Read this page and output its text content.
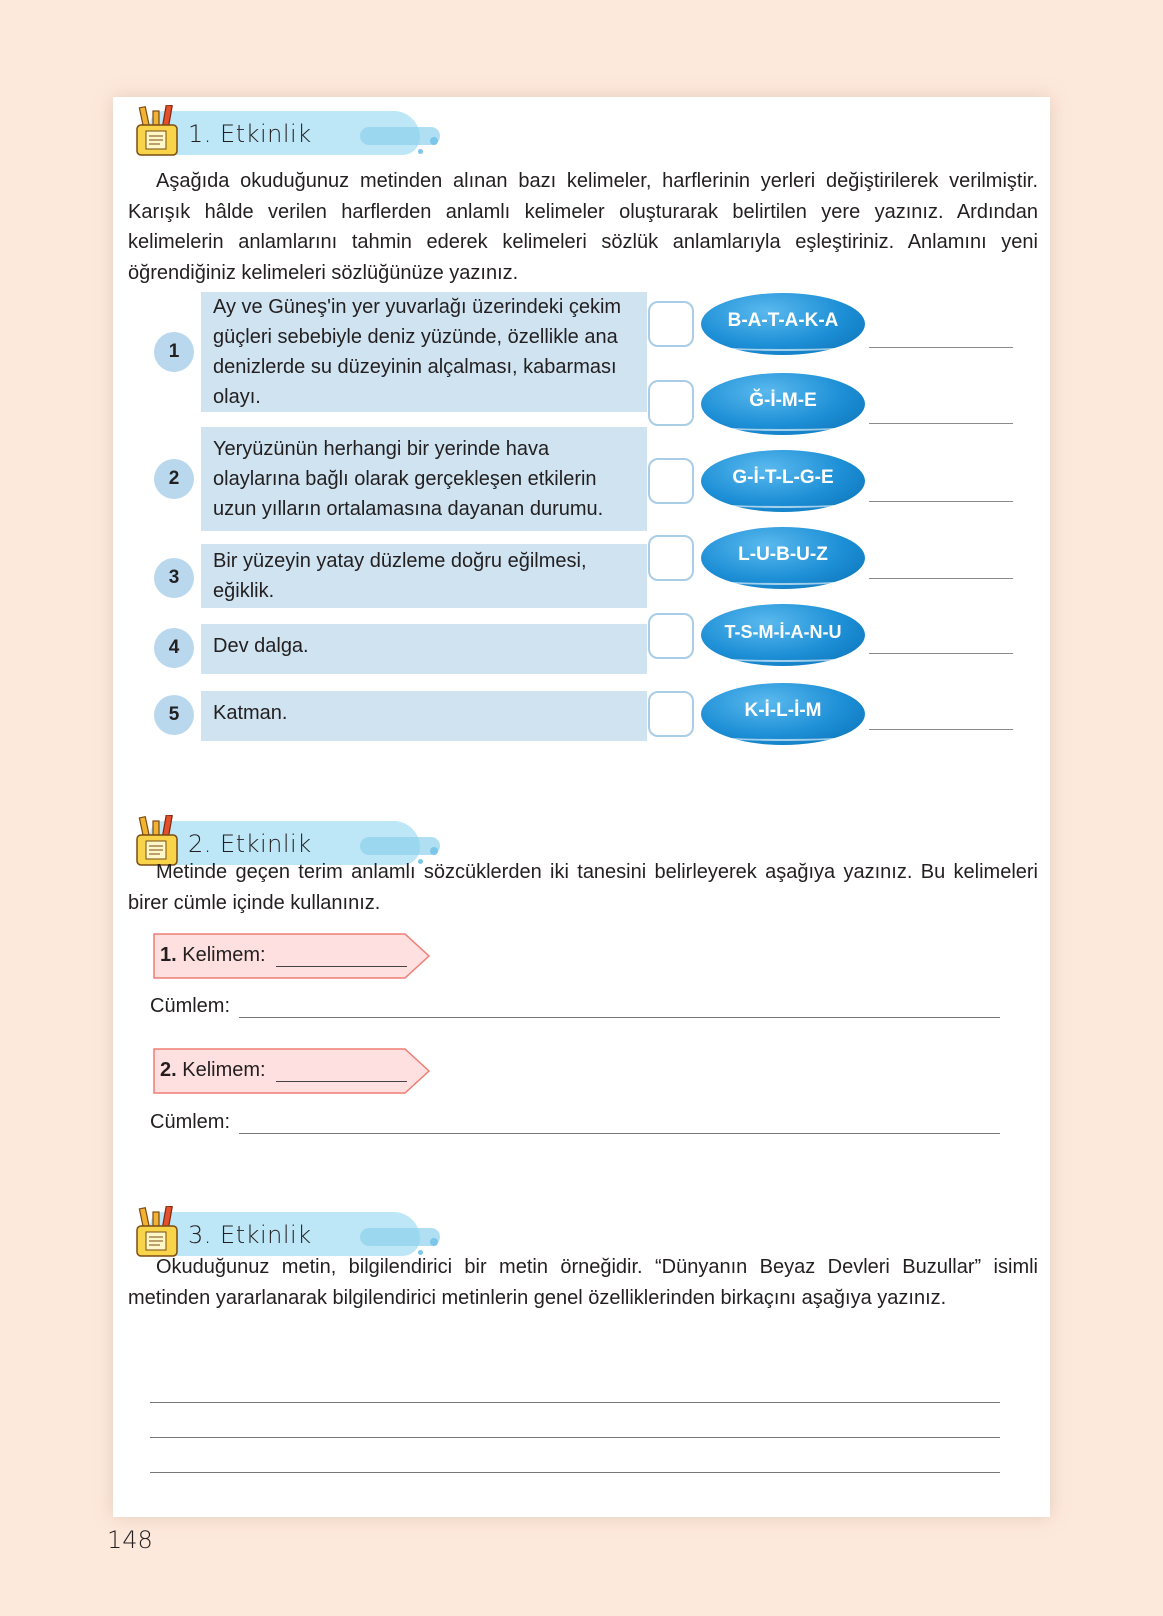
1. Etkinlik
Aşağıda okuduğunuz metinden alınan bazı kelimeler, harflerinin yerleri değiştirilerek verilmiştir. Karışık hâlde verilen harflerden anlamlı kelimeler oluşturarak belirtilen yere yazınız. Ardından kelimelerin anlamlarını tahmin ederek kelimeleri sözlük anlamlarıyla eşleştiriniz. Anlamını yeni öğrendiğiniz kelimeleri sözlüğünüze yazınız.
Ay ve Güneş'in yer yuvarlağı üzerindeki çekim güçleri sebebiyle deniz yüzünde, özellikle ana denizlerde su düzeyinin alçalması, kabarması olayı.
1
Yeryüzünün herhangi bir yerinde hava olaylarına bağlı olarak gerçekleşen etkilerin uzun yılların ortalamasına dayanan durumu.
2
Bir yüzeyin yatay düzleme doğru eğilmesi, eğiklik.
3
Dev dalga.
4
Katman.
5
B-A-T-A-K-A
Ğ-İ-M-E
G-İ-T-L-G-E
L-U-B-U-Z
T-S-M-İ-A-N-U
K-İ-L-İ-M
2. Etkinlik
Metinde geçen terim anlamlı sözcüklerden iki tanesini belirleyerek aşağıya yazınız. Bu kelimeleri birer cümle içinde kullanınız.
1. Kelimem:
Cümlem:
2. Kelimem:
Cümlem:
3. Etkinlik
Okuduğunuz metin, bilgilendirici bir metin örneğidir. “Dünyanın Beyaz Devleri Buzullar” isimli metinden yararlanarak bilgilendirici metinlerin genel özelliklerinden birkaçını aşağıya yazınız.
148
